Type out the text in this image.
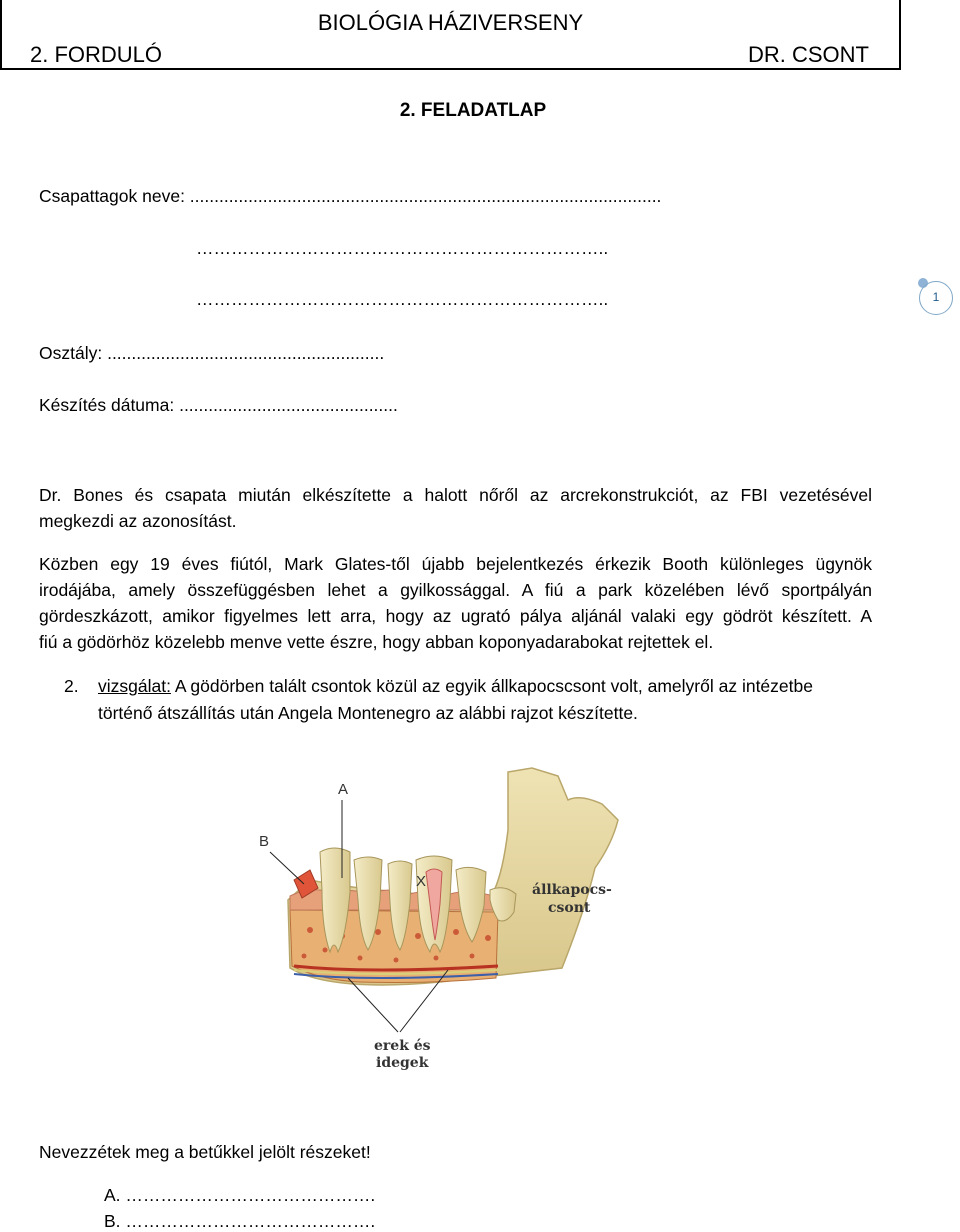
BIOLÓGIA HÁZIVERSENY
2. FORDULÓ	DR. CSONT
2. FELADATLAP
Csapattagok neve: .................................................................................................
……………………………………………………………..
……………………………………………………………..	1
Osztály: .........................................................
Készítés dátuma: .............................................
Dr. Bones és csapata miután elkészítette a halott nőről az arcrekonstrukciót, az FBI vezetésével
megkezdi az azonosítást.
Közben egy 19 éves fiútól, Mark Glates-től újabb bejelentkezés érkezik Booth különleges ügynök
irodájába, amely összefüggésben lehet a gyilkossággal. A fiú a park közelében lévő sportpályán
gördeszkázott, amikor figyelmes lett arra, hogy az ugrató pálya aljánál valaki egy gödröt készített. A
fiú a gödörhöz közelebb menve vette észre, hogy abban koponyadarabokat rejtettek el.
2. vizsgálat: A gödörben talált csontok közül az egyik állkapocscsont volt, amelyről az intézetbe
történő átszállítás után Angela Montenegro az alábbi rajzot készítette.
A
B
X	állkapocs-
csont
erek és
idegek
Nevezzétek meg a betűkkel jelölt részeket!
A. …………………………………….
B. …………………………………….
